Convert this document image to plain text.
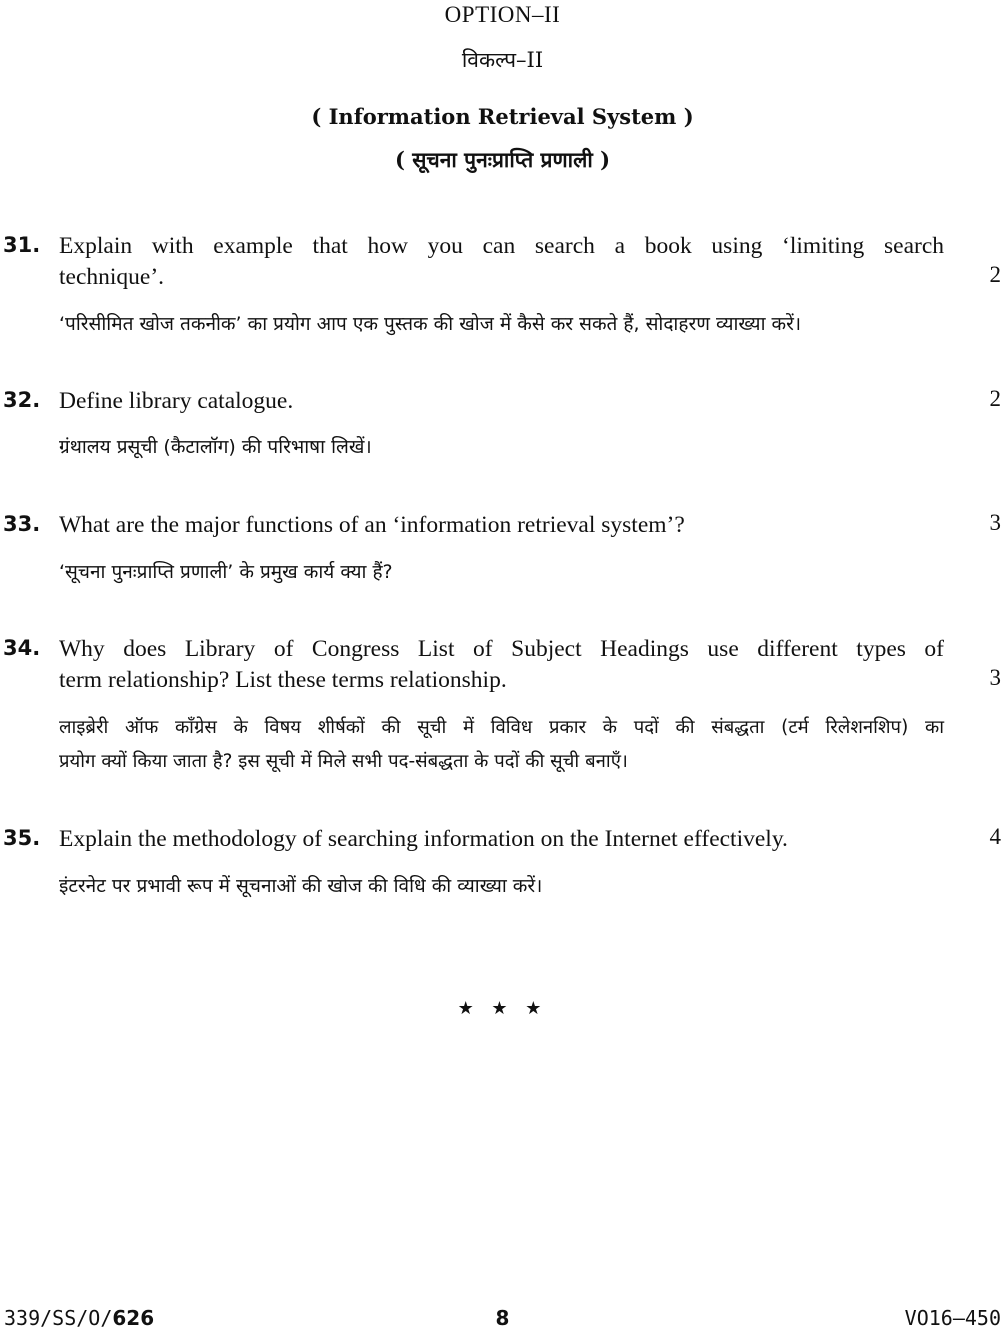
OPTION–II
विकल्प–II
( Information Retrieval System )
( सूचना पुनःप्राप्ति प्रणाली )
31. Explain with example that how you can search a book using ‘limiting search
technique’.	2
‘परिसीमित खोज तकनीक’ का प्रयोग आप एक पुस्तक की खोज में कैसे कर सकते हैं, सोदाहरण व्याख्या करें।
32. Define library catalogue.	2
ग्रंथालय प्रसूची (कैटालॉग) की परिभाषा लिखें।
33. What are the major functions of an ‘information retrieval system’?	3
‘सूचना पुनःप्राप्ति प्रणाली’ के प्रमुख कार्य क्या हैं?
34. Why does Library of Congress List of Subject Headings use different types of
term relationship? List these terms relationship.	3
लाइब्रेरी ऑफ कॉंग्रेस के विषय शीर्षकों की सूची में विविध प्रकार के पदों की संबद्धता (टर्म रिलेशनशिप) का
प्रयोग क्यों किया जाता है? इस सूची में मिले सभी पद-संबद्धता के पदों की सूची बनाएँ।
35. Explain the methodology of searching information on the Internet effectively.	4
इंटरनेट पर प्रभावी रूप में सूचनाओं की खोज की विधि की व्याख्या करें।
★ ★ ★
339/SS/O/626	8	VO16—450
